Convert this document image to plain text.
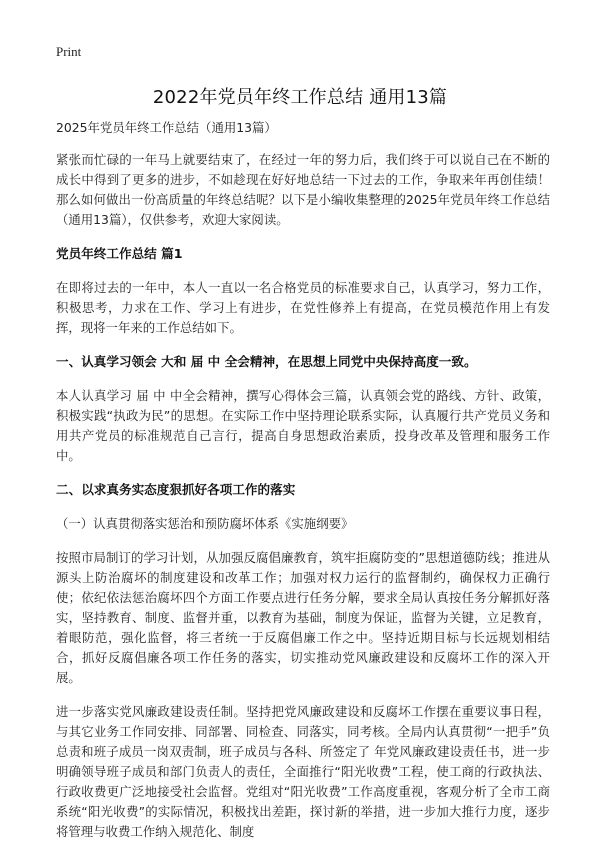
Print
2022年党员年终工作总结 通用13篇

2025年党员年终工作总结（通用13篇）

紧张而忙碌的一年马上就要结束了，在经过一年的努力后，我们终于可以说自己在不断的成长中得到了更多的进步，不如趁现在好好地总结一下过去的工作，争取来年再创佳绩！那么如何做出一份高质量的年终总结呢？以下是小编收集整理的2025年党员年终工作总结（通用13篇），仅供参考，欢迎大家阅读。

党员年终工作总结 篇1

在即将过去的一年中，本人一直以一名合格党员的标准要求自己，认真学习，努力工作，积极思考，力求在工作、学习上有进步，在党性修养上有提高，在党员模范作用上有发挥，现将一年来的工作总结如下。

一、认真学习领会 大和 届 中 全会精神，在思想上同党中央保持高度一致。

本人认真学习 届 中 中全会精神，撰写心得体会三篇，认真领会党的路线、方针、政策，积极实践“执政为民”的思想。在实际工作中坚持理论联系实际，认真履行共产党员义务和用共产党员的标准规范自己言行，提高自身思想政治素质，投身改革及管理和服务工作中。

二、以求真务实态度狠抓好各项工作的落实

（一）认真贯彻落实惩治和预防腐坏体系《实施纲要》

按照市局制订的学习计划，从加强反腐倡廉教育，筑牢拒腐防变的”思想道德防线；推进从源头上防治腐坏的制度建设和改革工作；加强对权力运行的监督制约，确保权力正确行使；依纪依法惩治腐坏四个方面工作要点进行任务分解，要求全局认真按任务分解抓好落实，坚持教育、制度、监督并重，以教育为基础，制度为保证，监督为关键，立足教育，着眼防范，强化监督，将三者统一于反腐倡廉工作之中。坚持近期目标与长远规划相结合，抓好反腐倡廉各项工作任务的落实，切实推动党风廉政建设和反腐坏工作的深入开展。

进一步落实党风廉政建设责任制。坚持把党风廉政建设和反腐坏工作摆在重要议事日程，与其它业务工作同安排、同部署、同检查、同落实，同考核。全局内认真贯彻“一把手”负总责和班子成员一岗双责制，班子成员与各科、所签定了 年党风廉政建设责任书，进一步明确领导班子成员和部门负责人的责任，全面推行“阳光收费”工程，使工商的行政执法、行政收费更广泛地接受社会监督。党组对“阳光收费”工作高度重视，客观分析了全市工商系统“阳光收费”的实际情况，积极找出差距，探讨新的举措，进一步加大推行力度，逐步将管理与收费工作纳入规范化、制度
